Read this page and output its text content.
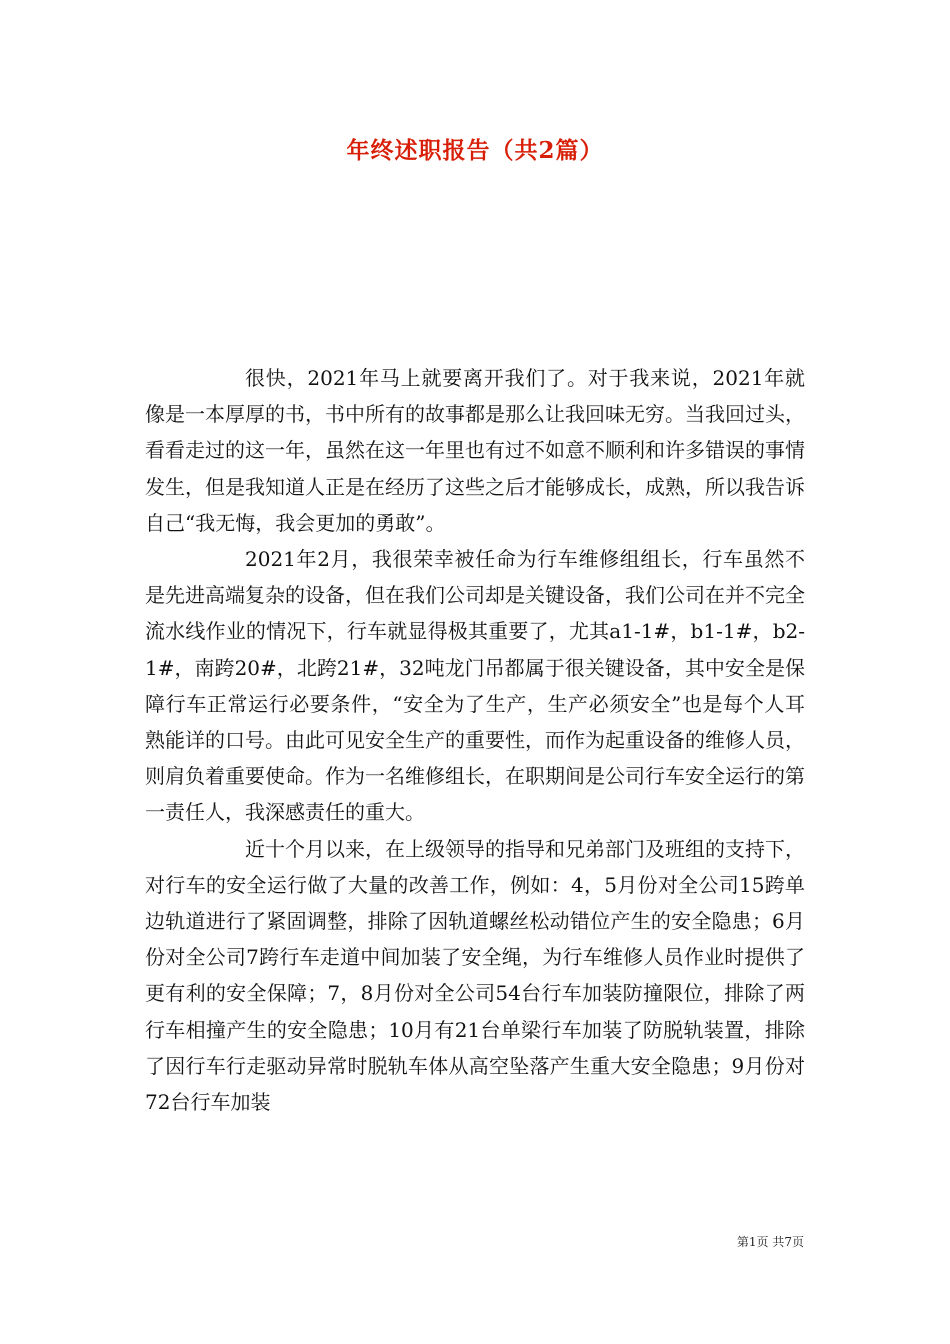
年终述职报告（共2篇）

很快，2021年马上就要离开我们了。对于我来说，2021年就像是一本厚厚的书，书中所有的故事都是那么让我回味无穷。当我回过头，看看走过的这一年，虽然在这一年里也有过不如意不顺利和许多错误的事情发生，但是我知道人正是在经历了这些之后才能够成长，成熟，所以我告诉自己“我无悔，我会更加的勇敢”。

2021年2月，我很荣幸被任命为行车维修组组长，行车虽然不是先进高端复杂的设备，但在我们公司却是关键设备，我们公司在并不完全流水线作业的情况下，行车就显得极其重要了，尤其a1-1#，b1-1#，b2-1#，南跨20#，北跨21#，32吨龙门吊都属于很关键设备，其中安全是保障行车正常运行必要条件，“安全为了生产，生产必须安全”也是每个人耳熟能详的口号。由此可见安全生产的重要性，而作为起重设备的维修人员，则肩负着重要使命。作为一名维修组长，在职期间是公司行车安全运行的第一责任人，我深感责任的重大。

近十个月以来，在上级领导的指导和兄弟部门及班组的支持下，对行车的安全运行做了大量的改善工作，例如：4，5月份对全公司15跨单边轨道进行了紧固调整，排除了因轨道螺丝松动错位产生的安全隐患；6月份对全公司7跨行车走道中间加装了安全绳，为行车维修人员作业时提供了更有利的安全保障；7，8月份对全公司54台行车加装防撞限位，排除了两行车相撞产生的安全隐患；10月有21台单梁行车加装了防脱轨装置，排除了因行车行走驱动异常时脱轨车体从高空坠落产生重大安全隐患；9月份对72台行车加装

第1页 共7页
